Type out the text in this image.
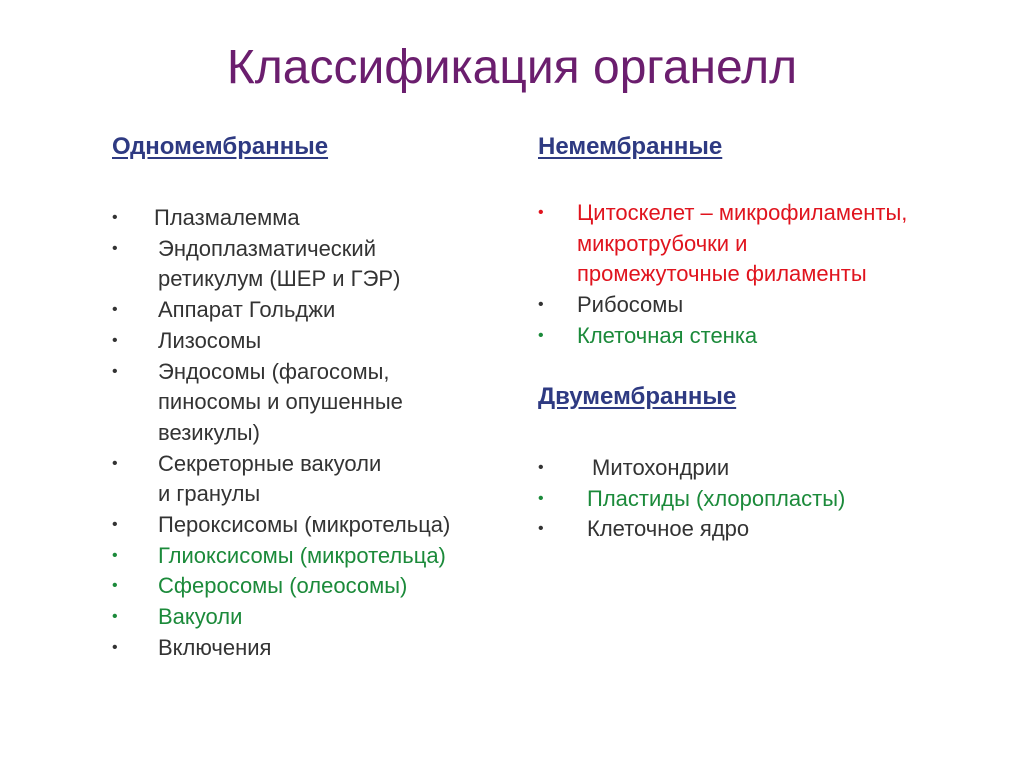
Классификация органелл
Одномембранные
• Плазмалемма
• Эндоплазматический
ретикулум (ШЕР и ГЭР)
• Аппарат Гольджи
• Лизосомы
• Эндосомы (фагосомы,
пиносомы и опушенные
везикулы)
• Секреторные вакуоли
и гранулы
• Пероксисомы (микротельца)
• Глиоксисомы (микротельца)
• Сферосомы (олеосомы)
• Вакуоли
• Включения
Немембранные
• Цитоскелет – микрофиламенты,
микротрубочки и
промежуточные филаменты
• Рибосомы
• Клеточная стенка
Двумембранные
• Митохондрии
• Пластиды (хлоропласты)
• Клеточное ядро
